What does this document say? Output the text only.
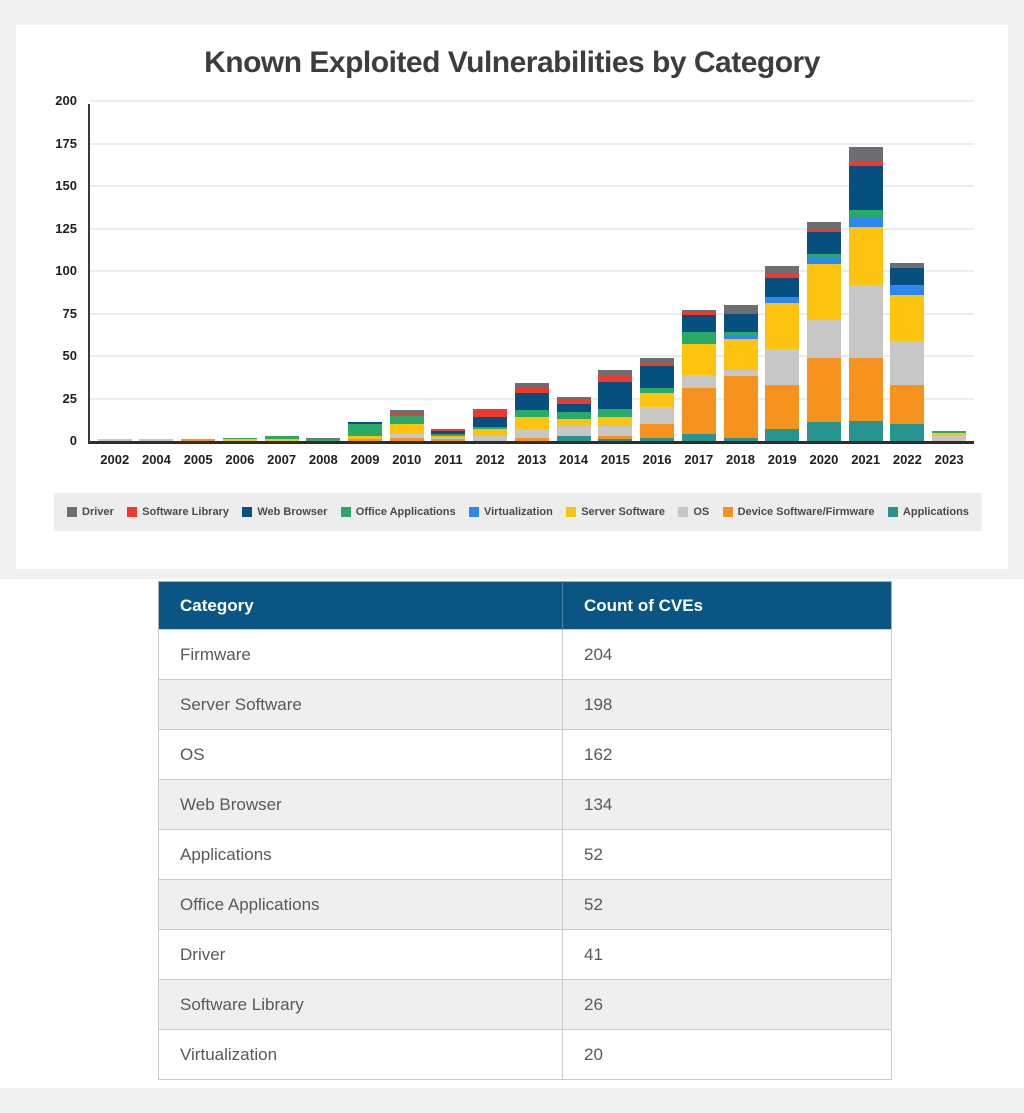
Known Exploited Vulnerabilities by Category
0
25
50
75
100
125
150
175
200
2002 2004 2005 2006 2007 2008 2009 2010 2011 2012 2013 2014 2015 2016 2017 2018 2019 2020 2021 2022 2023
Driver	Software Library	Web Browser	Office Applications	Virtualization	Server Software	OS	Device Software/Firmware	Applications
Category	Count of CVEs
Firmware	204
Server Software	198
OS	162
Web Browser	134
Applications	52
Office Applications	52
Driver	41
Software Library	26
Virtualization	20
